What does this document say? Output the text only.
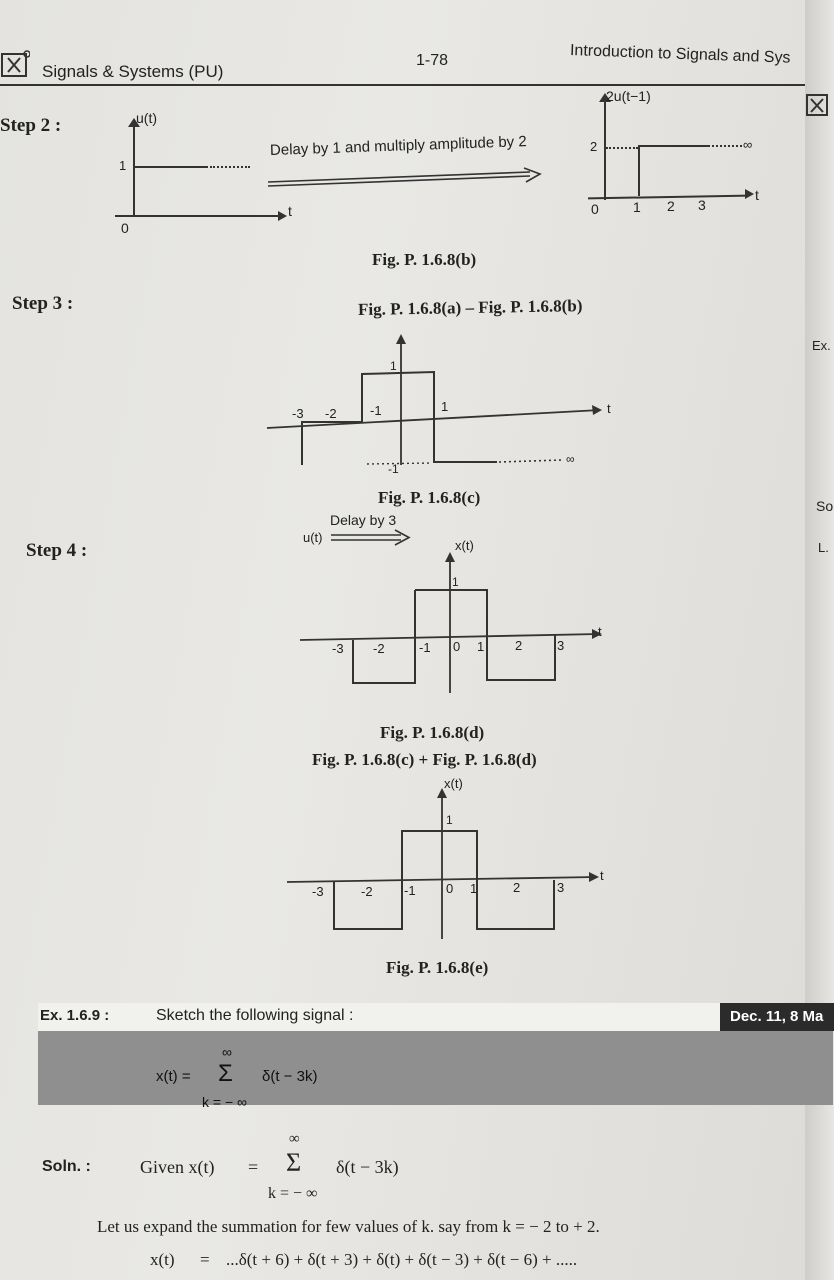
Signals & Systems (PU)
1-78	Introduction to Signals and Sys
Step 2 :
Step 3 :
Step 4 :
u(t)
1
0
t
Delay by 1 and multiply amplitude by 2
2u(t−1)
2	∞
0 1 2 3
t
Fig. P. 1.6.8(b)
Fig. P. 1.6.8(a) – Fig. P. 1.6.8(b)
-3 -2	-1	1
1
-1
∞
t
Fig. P. 1.6.8(c)
Delay by 3
u(t)
x(t)
-3 -2	-1 0 1 2	3
1
t
Fig. P. 1.6.8(d)
Fig. P. 1.6.8(c) + Fig. P. 1.6.8(d)
x(t)
-3	-2 -1 0 1	2	3
1
t
Fig. P. 1.6.8(e)
Ex. 1.6.9 :	Sketch the following signal :	Dec. 11, 8 Ma
∞
x(t) = Σ δ(t − 3k)
k = − ∞
Soln. :	Given x(t) =
∞
Σ δ(t − 3k)
k = − ∞
Let us expand the summation for few values of k. say from k = − 2 to + 2.
x(t) = ...δ(t + 6) + δ(t + 3) + δ(t) + δ(t − 3) + δ(t − 6) + .....
Ex.
So
L.
